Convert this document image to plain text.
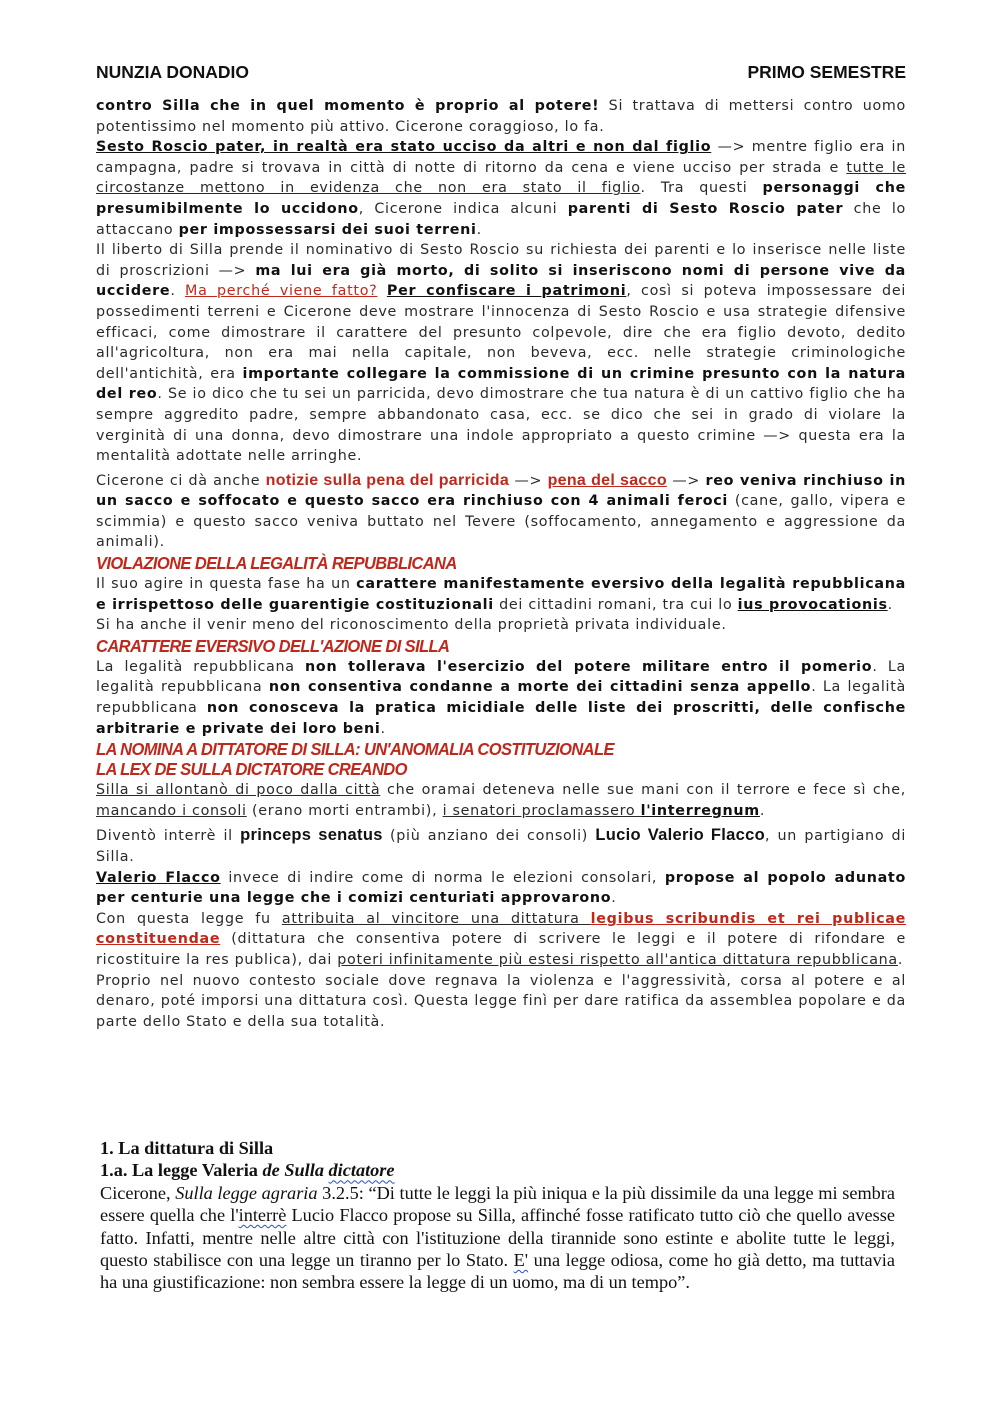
NUNZIA DONADIO	PRIMO SEMESTRE

contro Silla che in quel momento è proprio al potere! Si trattava di mettersi contro uomo potentissimo nel momento più attivo. Cicerone coraggioso, lo fa.

Sesto Roscio pater, in realtà era stato ucciso da altri e non dal figlio —> mentre figlio era in campagna, padre si trovava in città di notte di ritorno da cena e viene ucciso per strada e tutte le circostanze mettono in evidenza che non era stato il figlio. Tra questi personaggi che presumibilmente lo uccidono, Cicerone indica alcuni parenti di Sesto Roscio pater che lo attaccano per impossessarsi dei suoi terreni.

Il liberto di Silla prende il nominativo di Sesto Roscio su richiesta dei parenti e lo inserisce nelle liste di proscrizioni —> ma lui era già morto, di solito si inseriscono nomi di persone vive da uccidere. Ma perché viene fatto? Per confiscare i patrimoni, così si poteva impossessare dei possedimenti terreni e Cicerone deve mostrare l'innocenza di Sesto Roscio e usa strategie difensive efficaci, come dimostrare il carattere del presunto colpevole, dire che era figlio devoto, dedito all'agricoltura, non era mai nella capitale, non beveva, ecc. nelle strategie criminologiche dell'antichità, era importante collegare la commissione di un crimine presunto con la natura del reo. Se io dico che tu sei un parricida, devo dimostrare che tua natura è di un cattivo figlio che ha sempre aggredito padre, sempre abbandonato casa, ecc. se dico che sei in grado di violare la verginità di una donna, devo dimostrare una indole appropriato a questo crimine —> questa era la mentalità adottate nelle arringhe.

Cicerone ci dà anche notizie sulla pena del parricida —> pena del sacco —> reo veniva rinchiuso in un sacco e soffocato e questo sacco era rinchiuso con 4 animali feroci (cane, gallo, vipera e scimmia) e questo sacco veniva buttato nel Tevere (soffocamento, annegamento e aggressione da animali).

VIOLAZIONE DELLA LEGALITÀ REPUBBLICANA

Il suo agire in questa fase ha un carattere manifestamente eversivo della legalità repubblicana e irrispettoso delle guarentigie costituzionali dei cittadini romani, tra cui lo ius provocationis.

Si ha anche il venir meno del riconoscimento della proprietà privata individuale.

CARATTERE EVERSIVO DELL'AZIONE DI SILLA

La legalità repubblicana non tollerava l'esercizio del potere militare entro il pomerio. La legalità repubblicana non consentiva condanne a morte dei cittadini senza appello. La legalità repubblicana non conosceva la pratica micidiale delle liste dei proscritti, delle confische arbitrarie e private dei loro beni.

LA NOMINA A DITTATORE DI SILLA: UN'ANOMALIA COSTITUZIONALE
LA LEX DE SULLA DICTATORE CREANDO

Silla si allontanò di poco dalla città che oramai deteneva nelle sue mani con il terrore e fece sì che, mancando i consoli (erano morti entrambi), i senatori proclamassero l'interregnum.

Diventò interrè il princeps senatus (più anziano dei consoli) Lucio Valerio Flacco, un partigiano di Silla.

Valerio Flacco invece di indire come di norma le elezioni consolari, propose al popolo adunato per centurie una legge che i comizi centuriati approvarono.

Con questa legge fu attribuita al vincitore una dittatura legibus scribundis et rei publicae constituendae (dittatura che consentiva potere di scrivere le leggi e il potere di rifondare e ricostituire la res publica), dai poteri infinitamente più estesi rispetto all'antica dittatura repubblicana.

Proprio nel nuovo contesto sociale dove regnava la violenza e l'aggressività, corsa al potere e al denaro, poté imporsi una dittatura così. Questa legge finì per dare ratifica da assemblea popolare e da parte dello Stato e della sua totalità.

1. La dittatura di Silla

1.a. La legge Valeria de Sulla dictatore

Cicerone, Sulla legge agraria 3.2.5: “Di tutte le leggi la più iniqua e la più dissimile da una legge mi sembra essere quella che l'interrè Lucio Flacco propose su Silla, affinché fosse ratificato tutto ciò che quello avesse fatto. Infatti, mentre nelle altre città con l'istituzione della tirannide sono estinte e abolite tutte le leggi, questo stabilisce con una legge un tiranno per lo Stato. E' una legge odiosa, come ho già detto, ma tuttavia ha una giustificazione: non sembra essere la legge di un uomo, ma di un tempo”.
